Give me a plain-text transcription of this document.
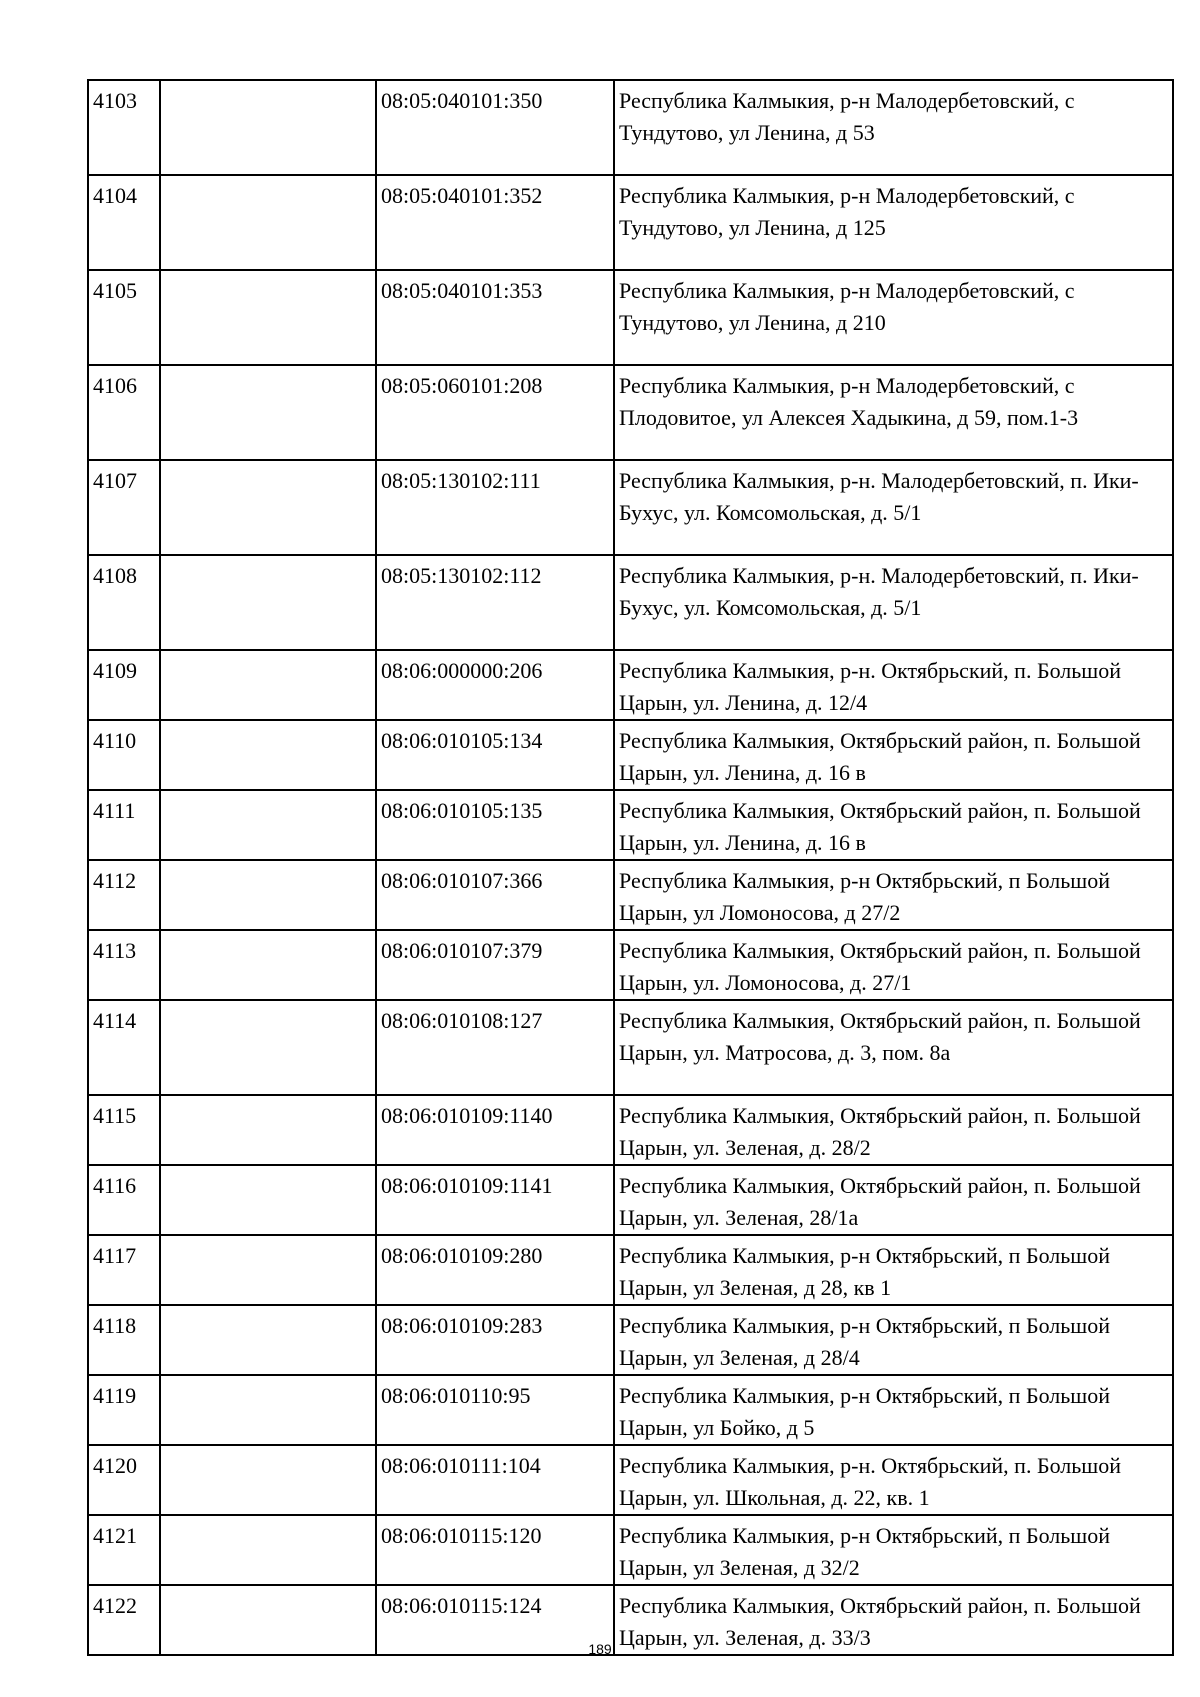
4103		08:05:040101:350	Республика Калмыкия, р-н Малодербетовский, с Тундутово, ул Ленина, д 53
4104		08:05:040101:352	Республика Калмыкия, р-н Малодербетовский, с Тундутово, ул Ленина, д 125
4105		08:05:040101:353	Республика Калмыкия, р-н Малодербетовский, с Тундутово, ул Ленина, д 210
4106		08:05:060101:208	Республика Калмыкия, р-н Малодербетовский, с Плодовитое, ул Алексея Хадыкина, д 59, пом.1-3
4107		08:05:130102:111	Республика Калмыкия, р-н. Малодербетовский, п. Ики-Бухус, ул. Комсомольская, д. 5/1
4108		08:05:130102:112	Республика Калмыкия, р-н. Малодербетовский, п. Ики-Бухус, ул. Комсомольская, д. 5/1
4109		08:06:000000:206	Республика Калмыкия, р-н. Октябрьский, п. Большой Царын, ул. Ленина, д. 12/4
4110		08:06:010105:134	Республика Калмыкия, Октябрьский район, п. Большой Царын, ул. Ленина, д. 16 в
4111		08:06:010105:135	Республика Калмыкия, Октябрьский район, п. Большой Царын, ул. Ленина, д. 16 в
4112		08:06:010107:366	Республика Калмыкия, р-н Октябрьский, п Большой Царын, ул Ломоносова, д 27/2
4113		08:06:010107:379	Республика Калмыкия, Октябрьский район, п. Большой Царын, ул. Ломоносова, д. 27/1
4114		08:06:010108:127	Республика Калмыкия, Октябрьский район, п. Большой Царын, ул. Матросова, д. 3, пом. 8а
4115		08:06:010109:1140	Республика Калмыкия, Октябрьский район, п. Большой Царын, ул. Зеленая, д. 28/2
4116		08:06:010109:1141	Республика Калмыкия, Октябрьский район, п. Большой Царын, ул. Зеленая, 28/1а
4117		08:06:010109:280	Республика Калмыкия, р-н Октябрьский, п Большой Царын, ул Зеленая, д 28, кв 1
4118		08:06:010109:283	Республика Калмыкия, р-н Октябрьский, п Большой Царын, ул Зеленая, д 28/4
4119		08:06:010110:95	Республика Калмыкия, р-н Октябрьский, п Большой Царын, ул Бойко, д 5
4120		08:06:010111:104	Республика Калмыкия, р-н. Октябрьский, п. Большой Царын, ул. Школьная, д. 22, кв. 1
4121		08:06:010115:120	Республика Калмыкия, р-н Октябрьский, п Большой Царын, ул Зеленая, д 32/2
4122		08:06:010115:124	Республика Калмыкия, Октябрьский район, п. Большой Царын, ул. Зеленая, д. 33/3
189
